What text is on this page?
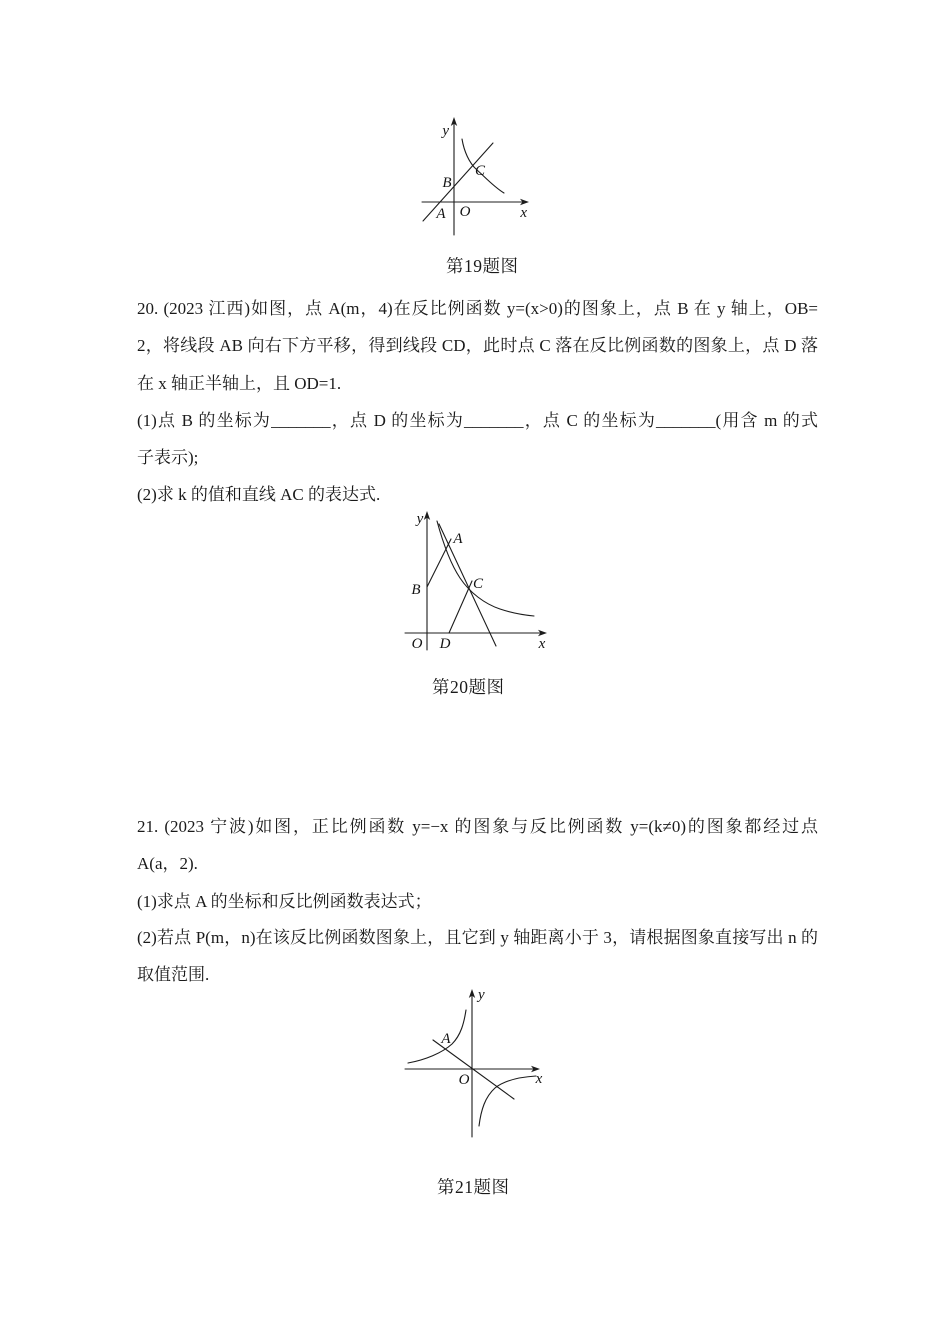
y
x
O
A
B
C
第19题图
20. (2023 江西)如图，点 A(m，4)在反比例函数 y=(x>0)的图象上，点 B 在 y 轴上，OB=
2，将线段 AB 向右下方平移，得到线段 CD，此时点 C 落在反比例函数的图象上，点 D 落
在 x 轴正半轴上，且 OD=1.
(1)点 B 的坐标为_______，点 D 的坐标为_______，点 C 的坐标为_______(用含 m 的式
子表示);
(2)求 k 的值和直线 AC 的表达式.
y
x
O D
B
A
C
第20题图
21. (2023 宁波)如图，正比例函数 y=−x 的图象与反比例函数 y=(k≠0)的图象都经过点
A(a，2).
(1)求点 A 的坐标和反比例函数表达式；
(2)若点 P(m，n)在该反比例函数图象上，且它到 y 轴距离小于 3，请根据图象直接写出 n 的
取值范围.
y
x
O
A
第21题图
